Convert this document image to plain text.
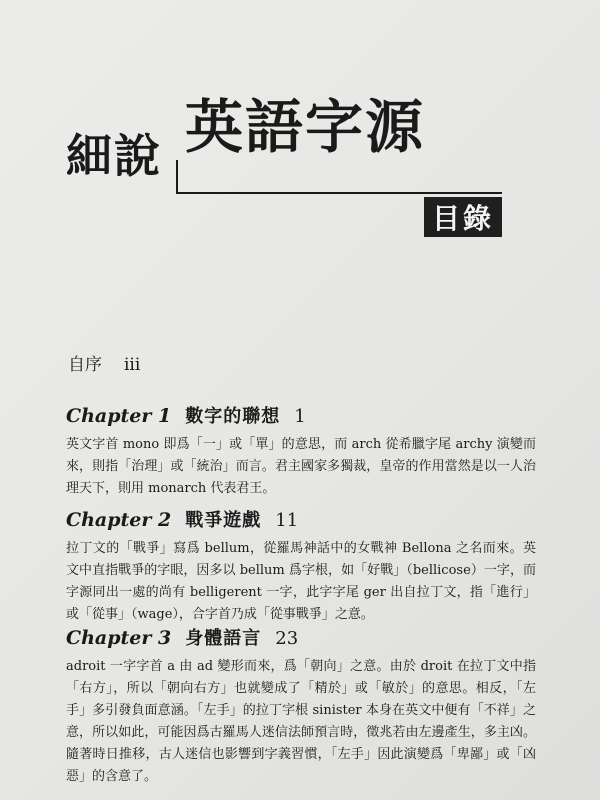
細說 英語字源
目錄
自序 iii
Chapter 1 數字的聯想 1

英文字首 mono 即爲「一」或「單」的意思，而 arch 從希臘字尾 archy 演變而來，則指「治理」或「統治」而言。君主國家多獨裁，皇帝的作用當然是以一人治理天下，則用 monarch 代表君王。

Chapter 2 戰爭遊戲 11

拉丁文的「戰爭」寫爲 bellum，從羅馬神話中的女戰神 Bellona 之名而來。英文中直指戰爭的字眼，因多以 bellum 爲字根，如「好戰」（bellicose）一字，而字源同出一處的尚有 belligerent 一字，此字字尾 ger 出自拉丁文，指「進行」或「從事」（wage），合字首乃成「從事戰爭」之意。

Chapter 3 身體語言 23

adroit 一字字首 a 由 ad 變形而來，爲「朝向」之意。由於 droit 在拉丁文中指「右方」，所以「朝向右方」也就變成了「精於」或「敏於」的意思。相反，「左手」多引發負面意涵。「左手」的拉丁字根 sinister 本身在英文中便有「不祥」之意，所以如此，可能因爲古羅馬人迷信法師預言時，徵兆若由左邊產生，多主凶。隨著時日推移，古人迷信也影響到字義習慣，「左手」因此演變爲「卑鄙」或「凶惡」的含意了。
